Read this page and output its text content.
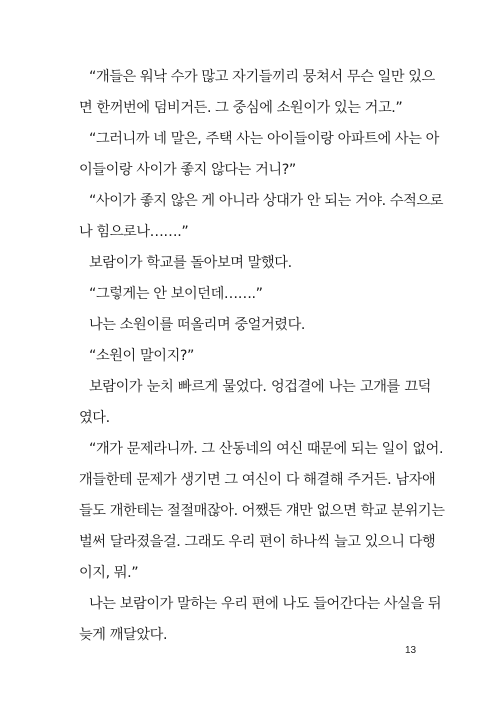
“개들은 워낙 수가 많고 자기들끼리 뭉쳐서 무슨 일만 있으
면 한꺼번에 덤비거든. 그 중심에 소원이가 있는 거고.”
“그러니까 네 말은, 주택 사는 아이들이랑 아파트에 사는 아
이들이랑 사이가 좋지 않다는 거니?”
“사이가 좋지 않은 게 아니라 상대가 안 되는 거야. 수적으로
나 힘으로나…….”
보람이가 학교를 돌아보며 말했다.
“그렇게는 안 보이던데…….”
나는 소원이를 떠올리며 중얼거렸다.
“소원이 말이지?”
보람이가 눈치 빠르게 물었다. 엉겁결에 나는 고개를 끄덕
였다.
“개가 문제라니까. 그 산동네의 여신 때문에 되는 일이 없어.
개들한테 문제가 생기면 그 여신이 다 해결해 주거든. 남자애
들도 개한테는 절절매잖아. 어쨌든 걔만 없으면 학교 분위기는
벌써 달라졌을걸. 그래도 우리 편이 하나씩 늘고 있으니 다행
이지, 뭐.”
나는 보람이가 말하는 우리 편에 나도 들어간다는 사실을 뒤
늦게 깨달았다.
13
